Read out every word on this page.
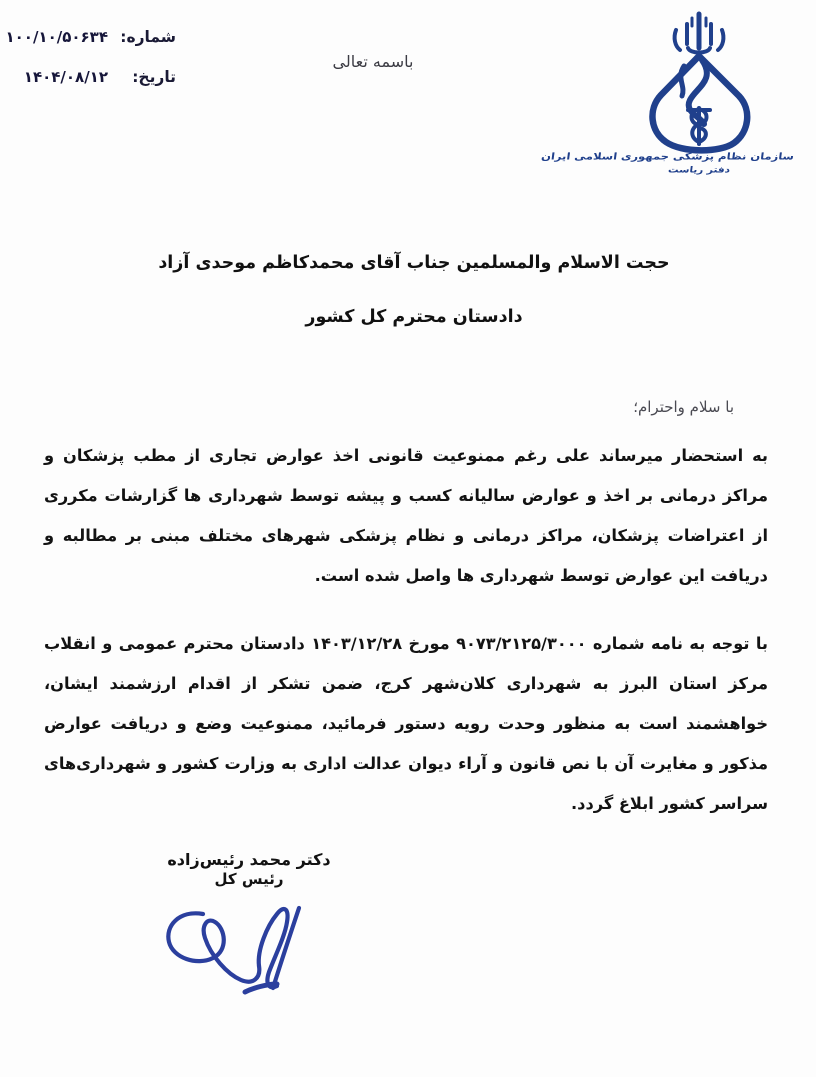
سازمان نظام پزشکی جمهوری اسلامی ایران
دفتر ریاست
باسمه تعالی
شماره:
۱۰۰/۱۰/۵۰۶۳۴
تاریخ:
۱۴۰۴/۰۸/۱۲
حجت الاسلام والمسلمین جناب آقای محمدکاظم موحدی آزاد
دادستان محترم کل کشور
با سلام واحترام؛

به استحضار میرساند علی رغم ممنوعیت قانونی اخذ عوارض تجاری از مطب پزشکان و مراکز درمانی بر اخذ و عوارض سالیانه کسب و پیشه توسط شهرداری ها گزارشات مکرری از اعتراضات پزشکان، مراکز درمانی و نظام پزشکی شهرهای مختلف مبنی بر مطالبه و دریافت این عوارض توسط شهرداری ها واصل شده است.

با توجه به نامه شماره ۹۰۷۳/۲۱۲۵/۳۰۰۰ مورخ ۱۴۰۳/۱۲/۲۸ دادستان محترم عمومی و انقلاب مرکز استان البرز به شهرداری کلان‌شهر کرج، ضمن تشکر از اقدام ارزشمند ایشان، خواهشمند است به منظور وحدت رویه دستور فرمائید، ممنوعیت وضع و دریافت عوارض مذکور و مغایرت آن با نص قانون و آراء دیوان عدالت اداری به وزارت کشور و شهرداری‌های سراسر کشور ابلاغ گردد.

دکتر محمد رئیس‌زاده
رئیس کل
